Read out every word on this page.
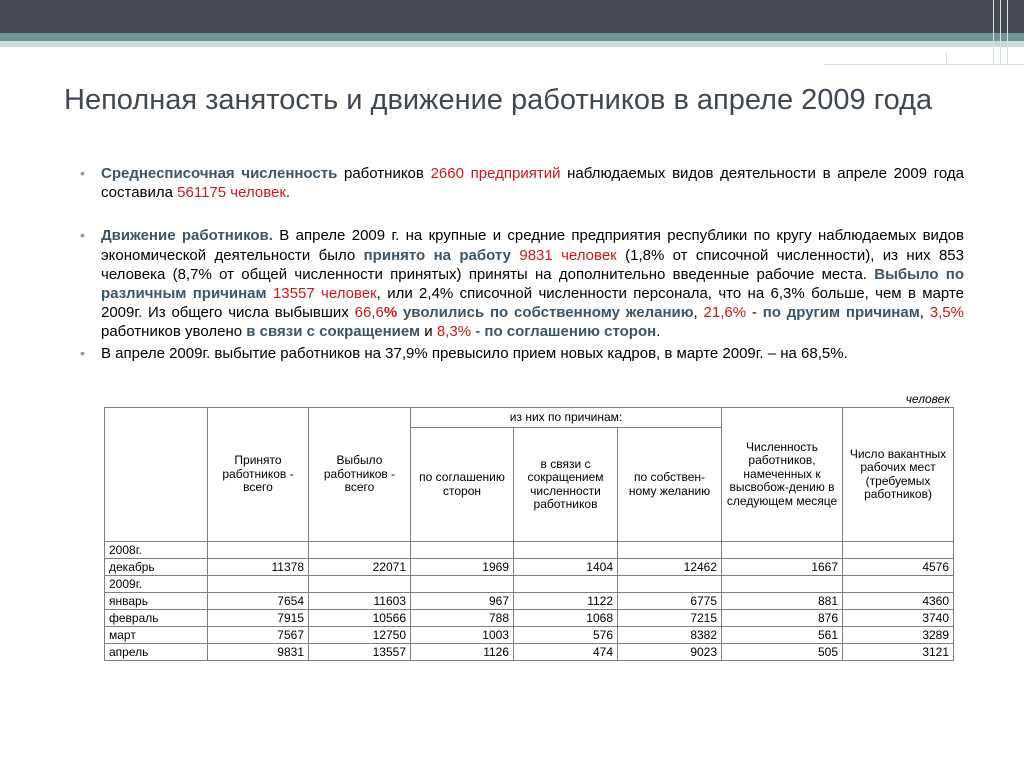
Неполная занятость и движение работников в апреле 2009 года
• Среднесписочная численность работников 2660 предприятий наблюдаемых видов деятельности в апреле 2009 года составила 561175 человек.
• Движение работников. В апреле 2009 г. на крупные и средние предприятия республики по кругу наблюдаемых видов экономической деятельности было принято на работу 9831 человек (1,8% от списочной численности), из них 853 человека (8,7% от общей численности принятых) приняты на дополнительно введенные рабочие места. Выбыло по различным причинам 13557 человек, или 2,4% списочной численности персонала, что на 6,3% больше, чем в марте 2009г. Из общего числа выбывших 66,6% уволились по собственному желанию, 21,6% - по другим причинам, 3,5% работников уволено в связи с сокращением и 8,3% - по соглашению сторон.
• В апреле 2009г. выбытие работников на 37,9% превысило прием новых кадров, в марте 2009г. – на 68,5%.
человек
	Принято работников - всего	Выбыло работников - всего	из них по причинам:			Численность работников, намеченных к высвобож-дению в следующем месяце	Число вакантных рабочих мест (требуемых работников)
			по соглашению сторон	в связи с сокращением численности работников	по собствен-ному желанию		
2008г.							
декабрь	11378	22071	1969	1404	12462	1667	4576
2009г.							
январь	7654	11603	967	1122	6775	881	4360
февраль	7915	10566	788	1068	7215	876	3740
март	7567	12750	1003	576	8382	561	3289
апрель	9831	13557	1126	474	9023	505	3121
